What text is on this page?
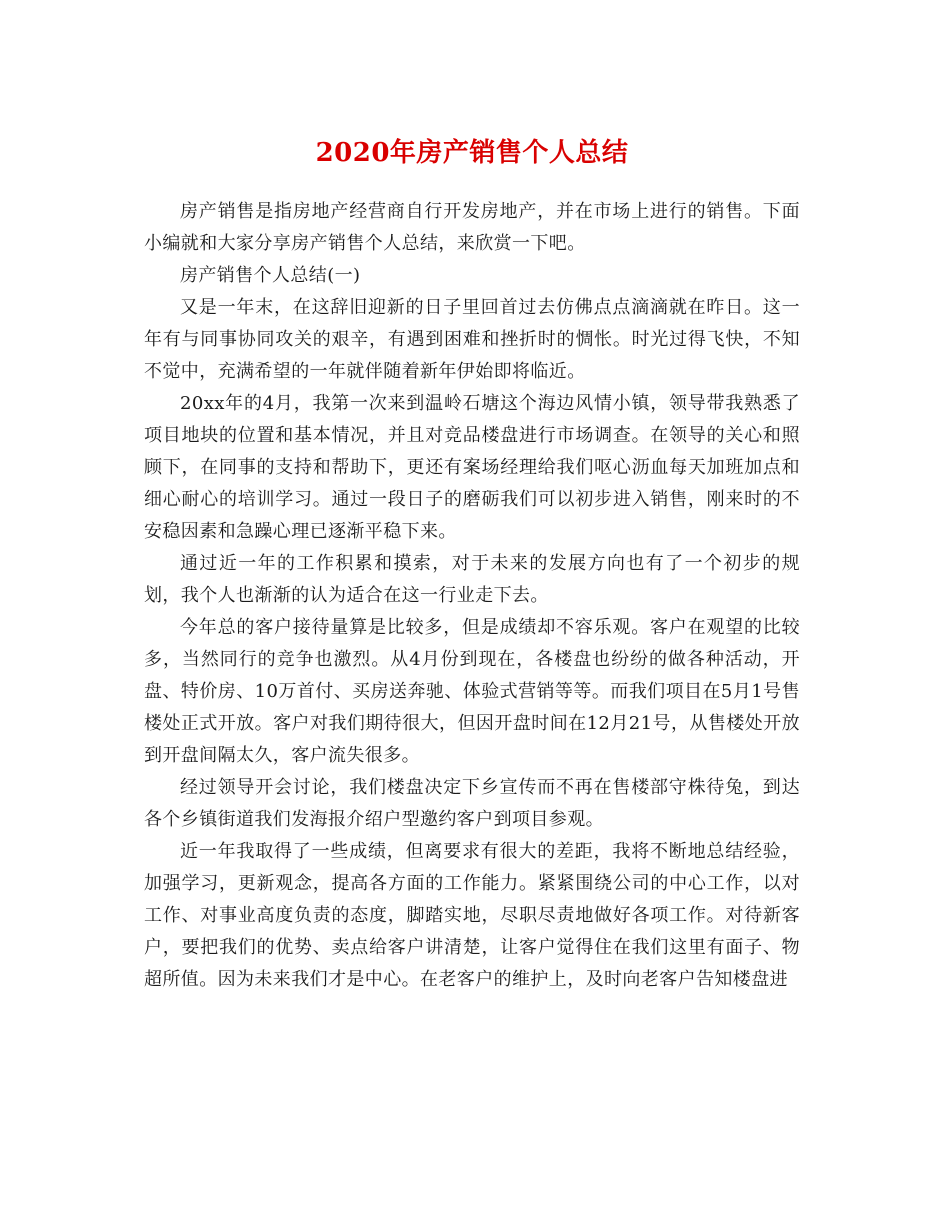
2020年房产销售个人总结

房产销售是指房地产经营商自行开发房地产，并在市场上进行的销售。下面小编就和大家分享房产销售个人总结，来欣赏一下吧。

房产销售个人总结(一)

又是一年末，在这辞旧迎新的日子里回首过去仿佛点点滴滴就在昨日。这一年有与同事协同攻关的艰辛，有遇到困难和挫折时的惆怅。时光过得飞快，不知不觉中，充满希望的一年就伴随着新年伊始即将临近。

20xx年的4月，我第一次来到温岭石塘这个海边风情小镇，领导带我熟悉了项目地块的位置和基本情况，并且对竞品楼盘进行市场调查。在领导的关心和照顾下，在同事的支持和帮助下，更还有案场经理给我们呕心沥血每天加班加点和细心耐心的培训学习。通过一段日子的磨砺我们可以初步进入销售，刚来时的不安稳因素和急躁心理已逐渐平稳下来。

通过近一年的工作积累和摸索，对于未来的发展方向也有了一个初步的规划，我个人也渐渐的认为适合在这一行业走下去。

今年总的客户接待量算是比较多，但是成绩却不容乐观。客户在观望的比较多，当然同行的竞争也激烈。从4月份到现在，各楼盘也纷纷的做各种活动，开盘、特价房、10万首付、买房送奔驰、体验式营销等等。而我们项目在5月1号售楼处正式开放。客户对我们期待很大，但因开盘时间在12月21号，从售楼处开放到开盘间隔太久，客户流失很多。

经过领导开会讨论，我们楼盘决定下乡宣传而不再在售楼部守株待兔，到达各个乡镇街道我们发海报介绍户型邀约客户到项目参观。

近一年我取得了一些成绩，但离要求有很大的差距，我将不断地总结经验，加强学习，更新观念，提高各方面的工作能力。紧紧围绕公司的中心工作，以对工作、对事业高度负责的态度，脚踏实地，尽职尽责地做好各项工作。对待新客户，要把我们的优势、卖点给客户讲清楚，让客户觉得住在我们这里有面子、物超所值。因为未来我们才是中心。在老客户的维护上，及时向老客户告知楼盘进
